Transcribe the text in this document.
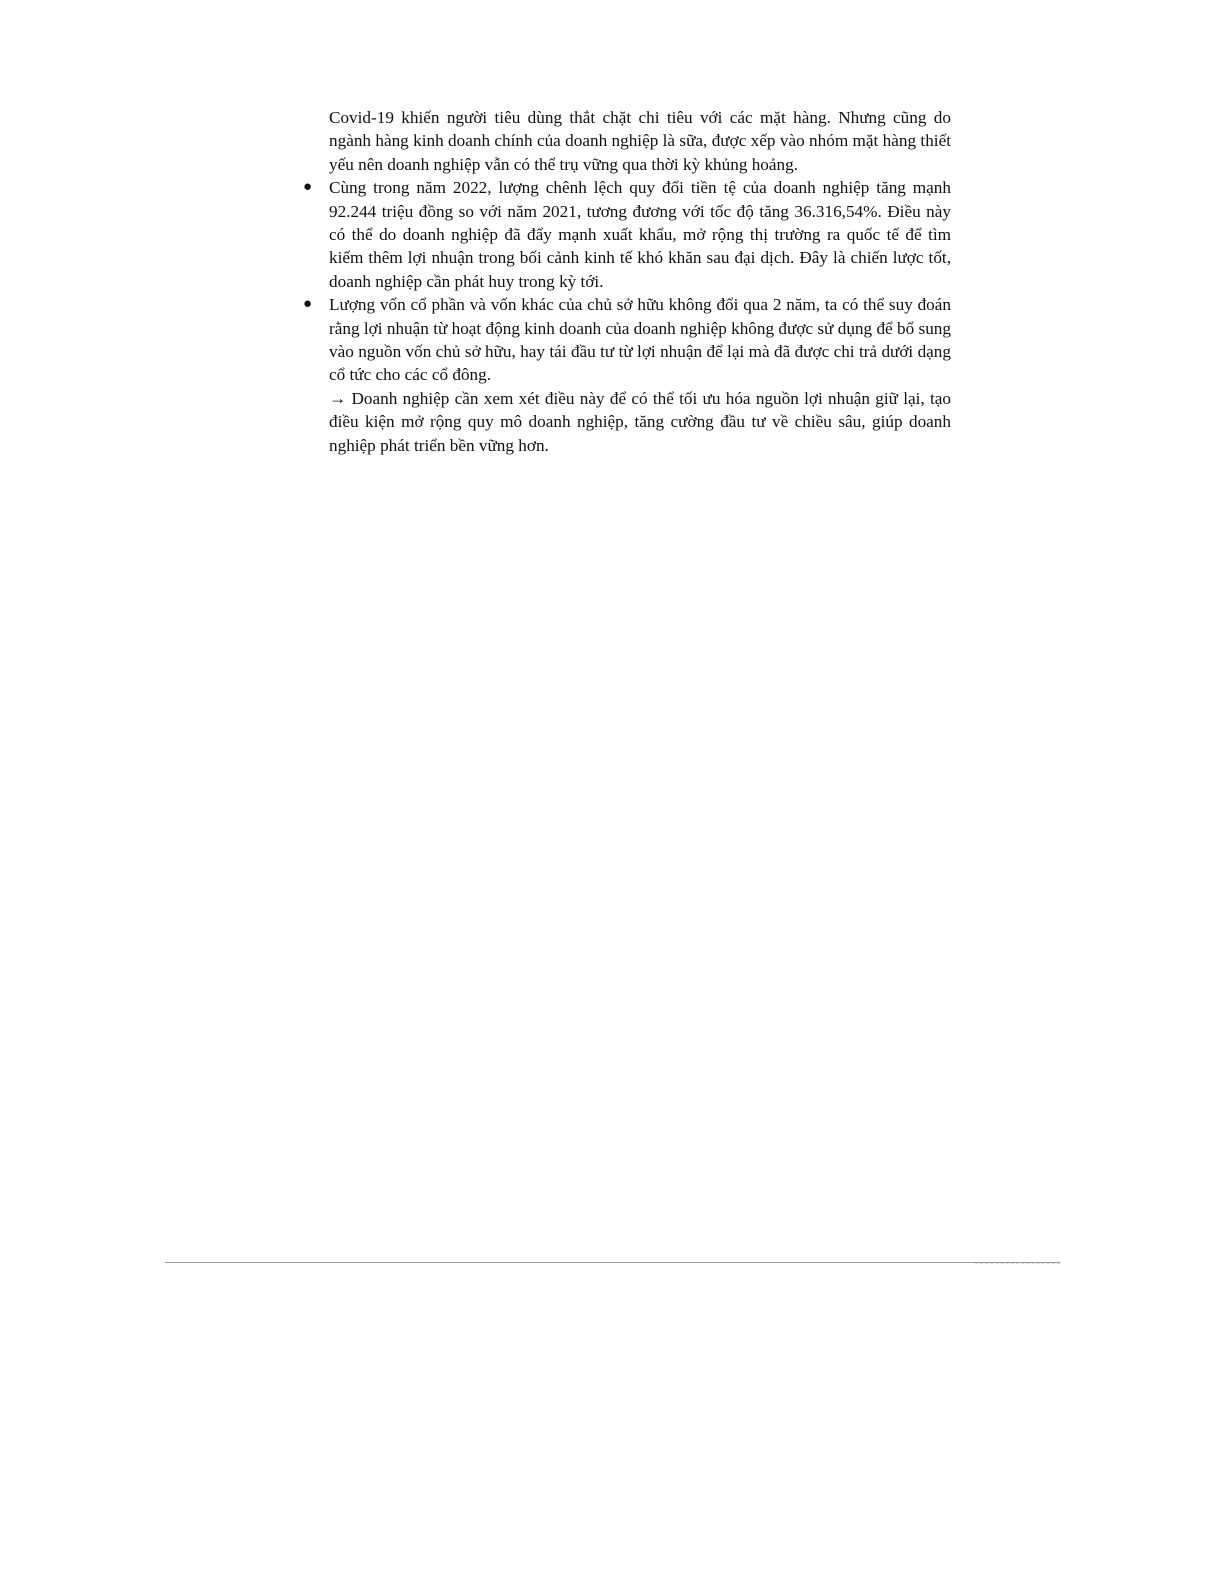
Covid-19 khiến người tiêu dùng thắt chặt chi tiêu với các mặt hàng. Nhưng cũng do ngành hàng kinh doanh chính của doanh nghiệp là sữa, được xếp vào nhóm mặt hàng thiết yếu nên doanh nghiệp vẫn có thể trụ vững qua thời kỳ khủng hoảng.

● Cùng trong năm 2022, lượng chênh lệch quy đổi tiền tệ của doanh nghiệp tăng mạnh 92.244 triệu đồng so với năm 2021, tương đương với tốc độ tăng 36.316,54%. Điều này có thể do doanh nghiệp đã đẩy mạnh xuất khẩu, mở rộng thị trường ra quốc tế để tìm kiếm thêm lợi nhuận trong bối cảnh kinh tế khó khăn sau đại dịch. Đây là chiến lược tốt, doanh nghiệp cần phát huy trong kỳ tới.

● Lượng vốn cổ phần và vốn khác của chủ sở hữu không đổi qua 2 năm, ta có thể suy đoán rằng lợi nhuận từ hoạt động kinh doanh của doanh nghiệp không được sử dụng để bổ sung vào nguồn vốn chủ sở hữu, hay tái đầu tư từ lợi nhuận để lại mà đã được chi trả dưới dạng cổ tức cho các cổ đông.

→ Doanh nghiệp cần xem xét điều này để có thể tối ưu hóa nguồn lợi nhuận giữ lại, tạo điều kiện mở rộng quy mô doanh nghiệp, tăng cường đầu tư về chiều sâu, giúp doanh nghiệp phát triển bền vững hơn.
